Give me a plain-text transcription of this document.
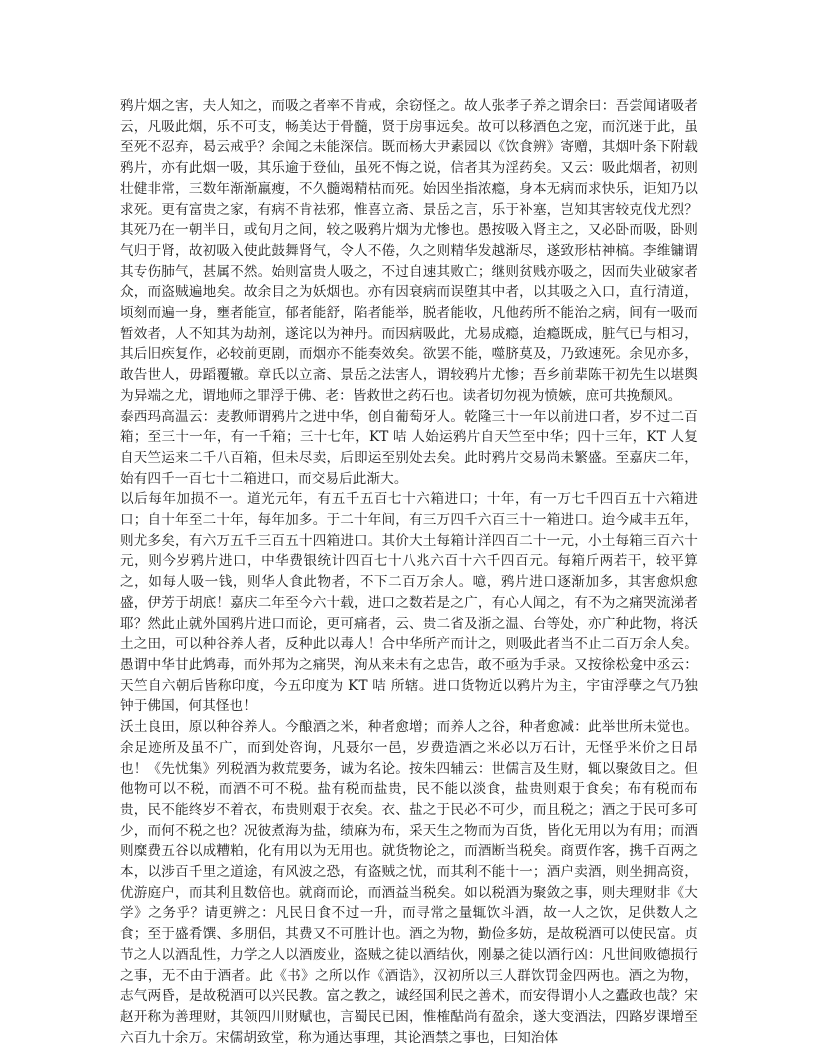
鸦片烟之害，夫人知之，而吸之者率不肯戒，余窃怪之。故人张孝子养之谓余曰：吾尝闻诸吸者云，凡吸此烟，乐不可支，畅美达于骨髓，贤于房事远矣。故可以移酒色之宠，而沉迷于此，虽至死不忍弃，曷云戒乎？余闻之未能深信。既而杨大尹素园以《饮食辨》寄赠，其烟叶条下附载鸦片，亦有此烟一吸，其乐逾于登仙，虽死不悔之说，信者其为淫药矣。又云：吸此烟者，初则壮健非常，三数年渐渐羸瘦，不久髓竭精枯而死。始因坐指浓瘾，身本无病而求快乐，讵知乃以求死。更有富贵之家，有病不肯祛邪，惟喜立斋、景岳之言，乐于补塞，岂知其害较克伐尤烈？其死乃在一朝半日，或旬月之间，较之吸鸦片烟为尤惨也。愚按吸入肾主之，又必卧而吸，卧则气归于肾，故初吸入使此鼓舞肾气，令人不倦，久之则精华发越渐尽，遂致形枯神槁。李维镛谓其专伤肺气，甚属不然。始则富贵人吸之，不过自速其败亡；继则贫贱亦吸之，因而失业破家者众，而盗贼遍地矣。故余目之为妖烟也。亦有因衰病而误堕其中者，以其吸之入口，直行清道，顷刻而遍一身，壅者能宣，郁者能舒，陷者能举，脱者能收，凡他药所不能治之病，间有一吸而暂效者，人不知其为劫剂，遂诧以为神丹。而因病吸此，尤易成瘾，迨瘾既成，脏气已与相习，其后旧疾复作，必较前更剧，而烟亦不能奏效矣。欲罢不能，噬脐莫及，乃致速死。余见亦多，敢告世人，毋蹈覆辙。章氏以立斋、景岳之法害人，谓较鸦片尤惨；吾乡前辈陈干初先生以堪舆为异端之尤，谓地师之罪浮于佛、老：皆救世之药石也。读者切勿视为愤嫉，庶可共挽颓风。

泰西玛高温云：麦教师谓鸦片之进中华，创自葡萄牙人。乾隆三十一年以前进口者，岁不过二百箱；至三十一年，有一千箱；三十七年，KT 咭 人始运鸦片自天竺至中华；四十三年，KT 人复自天竺运来二千八百箱，但未尽卖，后即运至别处去矣。此时鸦片交易尚未繁盛。至嘉庆二年，始有四千一百七十二箱进口，而交易后此渐大。

以后每年加损不一。道光元年，有五千五百七十六箱进口；十年，有一万七千四百五十六箱进口；自十年至二十年，每年加多。于二十年间，有三万四千六百三十一箱进口。迨今咸丰五年，则尤多矣，有六万五千三百五十四箱进口。其价大土每箱计洋四百二十一元，小土每箱三百六十元，则今岁鸦片进口，中华费银统计四百七十八兆六百十六千四百元。每箱斤两若干，较平算之，如每人吸一钱，则华人食此物者，不下二百万余人。噫，鸦片进口逐渐加多，其害愈炽愈盛，伊芳于胡底！嘉庆二年至今六十载，进口之数若是之广，有心人闻之，有不为之痛哭流涕者耶？然此止就外国鸦片进口而论，更可痛者，云、贵二省及浙之温、台等处，亦广种此物，将沃土之田，可以种谷养人者，反种此以毒人！合中华所产而计之，则吸此者当不止二百万余人矣。愚谓中华甘此鸩毒，而外邦为之痛哭，洵从来未有之忠告，敢不亟为手录。又按徐松龛中丞云：天竺自六朝后皆称印度，今五印度为 KT 咭 所辖。进口货物近以鸦片为主，宇宙浮孽之气乃独钟于佛国，何其怪也！

沃土良田，原以种谷养人。今酿酒之米，种者愈增；而养人之谷，种者愈减：此举世所未觉也。余足迹所及虽不广，而到处咨询，凡聂尔一邑，岁费造酒之米必以万石计，无怪乎米价之日昂也！《先忧集》列税酒为救荒要务，诚为名论。按朱四辅云：世儒言及生财，辄以聚敛目之。但他物可以不税，而酒不可不税。盐有税而盐贵，民不能以淡食，盐贵则艰于食矣；布有税而布贵，民不能终岁不着衣，布贵则艰于衣矣。衣、盐之于民必不可少，而且税之；酒之于民可多可少，而何不税之也？况彼煮海为盐，绩麻为布，采天生之物而为百货，皆化无用以为有用；而酒则糜费五谷以成糟粕，化有用以为无用也。就货物论之，而酒断当税矣。商贾作客，携千百两之本，以涉百千里之道途，有风波之恐，有盗贼之忧，而其利不能十一；酒户卖酒，则坐拥高资，优游庭户，而其利且数倍也。就商而论，而酒益当税矣。如以税酒为聚敛之事，则夫理财非《大学》之务乎？请更辨之：凡民日食不过一升，而寻常之量辄饮斗酒，故一人之饮，足供数人之食；至于盛肴馔、多朋侣，其费又不可胜计也。酒之为物，勤俭多妨，是故税酒可以使民富。贞节之人以酒乱性，力学之人以酒废业，盗贼之徒以酒结伙，刚暴之徒以酒行凶：凡世间败德损行之事，无不由于酒者。此《书》之所以作《酒诰》，汉初所以三人群饮罚金四两也。酒之为物，志气两昏，是故税酒可以兴民教。富之教之，诚经国利民之善术，而安得谓小人之蠹政也哉？宋赵开称为善理财，其领四川财赋也，言蜀民已困，惟榷酤尚有盈余，遂大变酒法，四路岁课增至六百九十余万。宋儒胡致堂，称为通达事理，其论酒禁之事也，曰知治体
